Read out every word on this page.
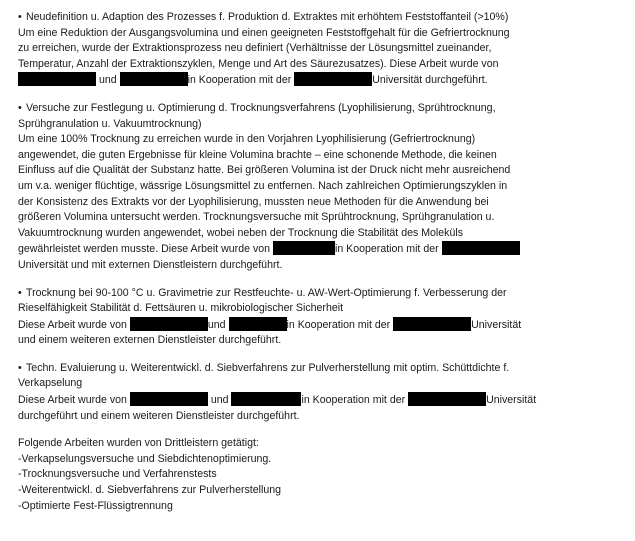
• Neudefinition u. Adaption des Prozesses f. Produktion d. Extraktes mit erhöhtem Feststoffanteil (>10%)
Um eine Reduktion der Ausgangsvolumina und einen geeigneten Feststoffgehalt für die Gefriertrocknung
zu erreichen, wurde der Extraktionsprozess neu definiert (Verhältnisse der Lösungsmittel zueinander,
Temperatur, Anzahl der Extraktionszyklen, Menge und Art des Säurezusatzes). Diese Arbeit wurde von
und	in Kooperation mit der	Universität durchgeführt.
• Versuche zur Festlegung u. Optimierung d. Trocknungsverfahrens (Lyophilisierung, Sprühtrocknung,
Sprühgranulation u. Vakuumtrocknung)
Um eine 100% Trocknung zu erreichen wurde in den Vorjahren Lyophilisierung (Gefriertrocknung)
angewendet, die guten Ergebnisse für kleine Volumina brachte – eine schonende Methode, die keinen
Einfluss auf die Qualität der Substanz hatte. Bei größeren Volumina ist der Druck nicht mehr ausreichend
um v.a. weniger flüchtige, wässrige Lösungsmittel zu entfernen. Nach zahlreichen Optimierungszyklen in
der Konsistenz des Extrakts vor der Lyophilisierung, mussten neue Methoden für die Anwendung bei
größeren Volumina untersucht werden. Trocknungsversuche mit Sprühtrocknung, Sprühgranulation u.
Vakuumtrocknung wurden angewendet, wobei neben der Trocknung die Stabilität des Moleküls
gewährleistet werden musste. Diese Arbeit wurde von	in Kooperation mit der
Universität und mit externen Dienstleistern durchgeführt.
• Trocknung bei 90-100 °C u. Gravimetrie zur Restfeuchte- u. AW-Wert-Optimierung f. Verbesserung der
Rieselfähigkeit Stabilität d. Fettsäuren u. mikrobiologischer Sicherheit
Diese Arbeit wurde von	und	in Kooperation mit der	Universität
und einem weiteren externen Dienstleister durchgeführt.
• Techn. Evaluierung u. Weiterentwickl. d. Siebverfahrens zur Pulverherstellung mit optim. Schüttdichte f.
Verkapselung
Diese Arbeit wurde von	und	in Kooperation mit der	Universität
durchgeführt und einem weiteren Dienstleister durchgeführt.
Folgende Arbeiten wurden von Drittleistern getätigt:
-Verkapselungsversuche und Siebdichtenoptimierung.
-Trocknungsversuche und Verfahrenstests
-Weiterentwickl. d. Siebverfahrens zur Pulverherstellung
-Optimierte Fest-Flüssigtrennung
